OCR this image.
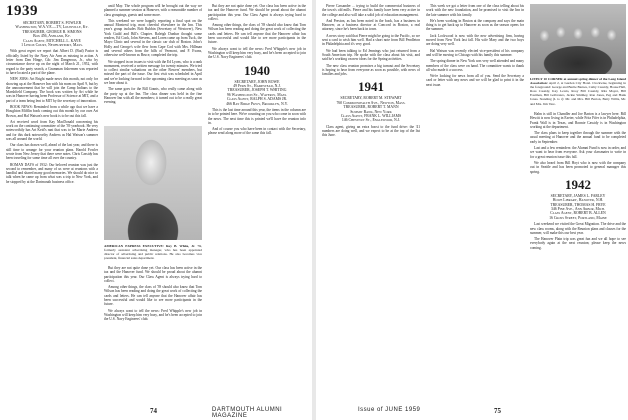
1939
SECRETARY, ROBERT S. FOWLER
Washington, W.A.V.E.—TV, Louisville, Ky.
TREASURER, GEORGE B. SIMONS
Box 456, Ashland, Ky.
Class Agent, MITCHELL L. KAYE
1 Lenox Court, Newburyport, Mass.

With great regret we report that Albert D. (Bud) Pastor is officially listed by the Navy Air Arm as missing in action. A letter from Dan Hinge, Cdr. Jim Dangerous, Jr., who by circumstance drove up on the night of March 21, 1952, with regard to the party search, a Grumman fishermen was reported to have located a part of the plane.

NEW JOBS: Art Bright made news this month, not only for showing up at the Hanover Inn with his mom on April 9, but by the announcement that he will join the Camp Indians to the Marshfield Company. The book was written by Art while he was in Hanover having been Professor of Science at MIT, and a part of a team being lent to MIT by the secretary of innovation.

BOOK NEWS: Reminded from a while ago that we have a Houghton Mifflin book coming out this month by our own Art Brown, and Hal Watson's new book is to be out this fall.

Art received word from Kay MacDonald concerning his work on the continuing committee of the '39 yearbook. He very noteworthily has Art Keid's rant that was to be Marie Andress and for this dark noteworthy Andress as Hal Watson's summer was all around the world.

Our class has drawn well, ahead of the last year, and there is still time to arrange for your reunion plans. Harold Fowler wrote from New Jersey that there were notes. Chris Cassidy has been traveling for some time all over the country.

ROMAN DAYS of 1932: Our beloved reunion was just the second to remember, and many of us were at reunions with a handful and shared many good memories. We should do nice to talk when he came up from what was a trip to New York, and he stopped by at the Dartmouth business office.

until May. The whole program will be brought out the way we planned a summer session at Hanover, with a reasonable number of class groupings, guests and some more.

This weekend we were happily reporting a final spot on the annual Montreal trip, most cheerful elsewhere in the Inn. This year's group includes Bob Rubbin (Secretary of Westover), New York Guild and Bill's Chapter. Raleigh Dunbar thought some readers, Ed Cook, John Stevens, and Loren came up from Tuck, the Mayo Clinic and several in the classic car club of Boston. John's Holly and George's wife flew from Cape Cod with Mrs. Hillman and several others from the hills of Vermont, and F. Evans, otherwise well-known as Bruce, completed the trip.

We stopped in on issues to visit with the Ed Lyons, who is a rank monument, received a written message for twenty minutes. We tried to collect similar valuations on the other Bowers' members, but missed the part of the issue. Our first visit was scheduled in April and we're looking forward to the upcoming class meeting as soon as we hear about it.

The same goes for the Bill Grants, who really came along with the party up at the Inn. The class dinner was held in the fine Hanover Inn with all the members; it turned out to be a really great evening.

AMERICAN EXPRESS EXECUTIVE: Roy B. White, Jr. '39, formerly assistant advertising manager, who has been appointed director of advertising and public relations. He also becomes vice president, financial sales department.

But they are not quite done yet. Our class has been active in the tax and the Hanover fund. We should be proud about the alumni participation this year. Our Class Agent is always trying hard to collect.

Among other things, the class of '39 should also know that Tom Wilson has been reading and doing the great work of collecting the cards and letters. He can tell anyone that the Hanover affair has been successful and would like to see more participants in the future.

We always want to tell the news: Fred Whipple's new job in Washington will keep him very busy, and he's been accepted to join the U.S. Navy Engineers' club.

But they are not quite done yet. Our class has been active in the tax and the Hanover fund. We should be proud about the alumni participation this year. Our Class Agent is always trying hard to collect.

Among other things, the class of '39 should also know that Tom Wilson has been reading and doing the great work of collecting the cards and letters. He can tell anyone that the Hanover affair has been successful and would like to see more participants in the future.

We always want to tell the news: Fred Whipple's new job in Washington will keep him very busy, and he's been accepted to join the U.S. Navy Engineers' club.

1940
SECRETARY, JOHN ROWE
49 Fern St., Hampstead, N.J.
TREASURER, JOSEPH T. WHITING
96 Washington St., Waverly, Mass.
Class Agent, RALPH S. ADAMS JR.
466 Bay Ridge Pkwy, Brooklyn, N.Y.

This is the last time around this year, the items in the column are in to be printed here. We're counting on you who come in soon with the news. The next time this is printed we'll have the reunion info in.

And of course you who have been in contact with the Secretary, please send along more of the same this fall.

74	DARTMOUTH ALUMNI MAGAZINE

Pierre Cassander ... trying to build the commercial business of the town's old mills. Pierre and his family have been very active in the college and also will take a solid job of education management.

And Preston, as has been noted in the book, has a business in Hanover, as a business director at Concord in Boston, a real attorney, since he's been back in town.

A news story said that Pierre might be going to the Pacific, so we sent a card to wish him well. Had a short note from Bill Pendleton in Philadelphia and it's very good.

We had been talking to Ed Jennings who just returned from a South American trip. He spoke with the class about his visit, and said he's working on new ideas for the Spring activities.

The new class reunion promises a big turnout and the Secretary is hoping to hear from everyone as soon as possible, with news of families and jobs.

1941
SECRETARY, ROBERT M. STEWART
760 Commonwealth Ave., Newton, Mass.
TREASURER, ROBERT T. MANN
Summit Bank, New York
Class Agent, FRANK L. WILLIAMS
146 Chestnut St., Englewood, N.J.

Class agent, giving an extra boost to the fund drive: the '41 numbers are doing well, and we expect to be at the top of the list this June.

This week we got a letter from one of the class telling about his work with the new foundation, and he promised to visit the Inn in the late summer with his family.

He's been working in Boston at the company and says the main thing is to get back up to Hanover as soon as the season opens for the summer.

Jack Lockwood is now with the new advertising firm, having moved from New York last fall. His wife Mary and the two boys are doing very well.

Hal Watson was recently elected vice-president of his company and will be moving to Chicago with his family this summer.

The spring dinner in New York was very well attended and many members of the class were on hand. The committee wants to thank all who made it a success.

We're looking for news from all of you. Send the Secretary a card or letter with any news and we will be glad to print it in the next issue.

LIVELY 10 CORNER at annual spring dinner of the Long Island Association: April 2, at Garden City Hotel. Clockwise, beginning in the foreground: George and Bertie Barnes, Cathy Cassidy, House Hall, Ross Cassidy, Kay Lewis, Rosy Bill Cassidy, Rita Mayer, Bill Eastman, Bill Golbrazzo, Jackie Smithey, Ron Jones, Peg and Hank Jones. Standing (L to r): Mr. and Mrs. Bill Barton, Betty Willis, Mr. and Mrs. Jim Vare.

Hahn is still in Chandler and Joe Barton is a lawyer here. Bill Hewitt is now living in Exeter, while Fritz Fifer is in Philadelphia, Frank Wall is in Texas, and Ronnie Cassidy is in Washington working at the department.

The class plans to keep together through the summer with the usual meeting at Hanover and the annual fund to be completed early in September.

Last and a few reminders: the Alumni Fund is now in order, and we want to hear from everyone. Ask your classmates to write in for a great reunion issue this fall.

We also heard from Bill Hoyt who is now with the company out in Seattle and has been promoted to general manager this spring.

1942
SECRETARY, JAMES L. FARLEY
Howe Library, Hanover, N.H.
TREASURER, THOMAS H. FRYE
346 Pine Ave., Ann Arbor, Mich.
Class Agent, ROBERT B. ALLEN
16 Cross Street, Portland, Maine

Last weekend we visited the Great Migration. The drive and the new class rooms, along with the Reunion plans and classes for the summer, will make this our best year.

The Hanover Plain trip was great fun and we all hope to see everybody again at the next reunion; please keep the news coming.

Issue of JUNE 1959	75
